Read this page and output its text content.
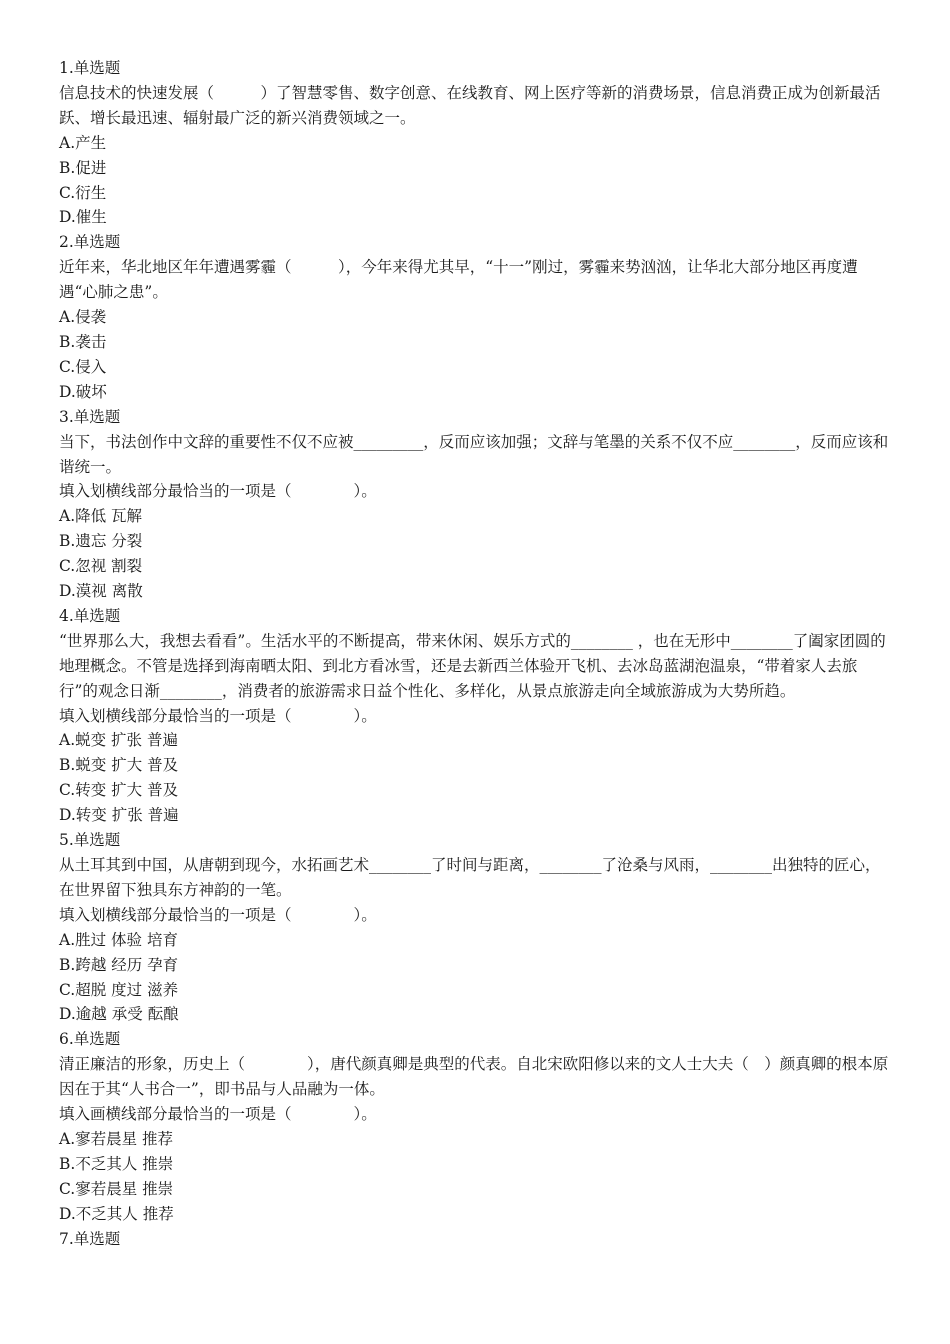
1.单选题

信息技术的快速发展（　　　）了智慧零售、数字创意、在线教育、网上医疗等新的消费场景，信息消费正成为创新最活跃、增长最迅速、辐射最广泛的新兴消费领域之一。

A.产生

B.促进

C.衍生

D.催生

2.单选题

近年来，华北地区年年遭遇雾霾（　　　），今年来得尤其早，“十一”刚过，雾霾来势汹汹，让华北大部分地区再度遭遇“心肺之患”。

A.侵袭

B.袭击

C.侵入

D.破坏

3.单选题

当下，书法创作中文辞的重要性不仅不应被_________，反而应该加强；文辞与笔墨的关系不仅不应________，反而应该和谐统一。

填入划横线部分最恰当的一项是（　　　　）。

A.降低 瓦解

B.遗忘 分裂

C.忽视 割裂

D.漠视 离散

4.单选题

“世界那么大，我想去看看”。生活水平的不断提高，带来休闲、娱乐方式的________ ，也在无形中________了阖家团圆的地理概念。不管是选择到海南晒太阳、到北方看冰雪，还是去新西兰体验开飞机、去冰岛蓝湖泡温泉，“带着家人去旅行”的观念日渐________，消费者的旅游需求日益个性化、多样化，从景点旅游走向全域旅游成为大势所趋。

填入划横线部分最恰当的一项是（　　　　）。

A.蜕变 扩张 普遍

B.蜕变 扩大 普及

C.转变 扩大 普及

D.转变 扩张 普遍

5.单选题

从土耳其到中国，从唐朝到现今，水拓画艺术________了时间与距离，________了沧桑与风雨，________出独特的匠心，在世界留下独具东方神韵的一笔。

填入划横线部分最恰当的一项是（　　　　）。

A.胜过 体验 培育

B.跨越 经历 孕育

C.超脱 度过 滋养

D.逾越 承受 酝酿

6.单选题

清正廉洁的形象，历史上（　　　　），唐代颜真卿是典型的代表。自北宋欧阳修以来的文人士大夫（　）颜真卿的根本原因在于其“人书合一”，即书品与人品融为一体。

填入画横线部分最恰当的一项是（　　　　）。

A.寥若晨星 推荐

B.不乏其人 推崇

C.寥若晨星 推崇

D.不乏其人 推荐

7.单选题
